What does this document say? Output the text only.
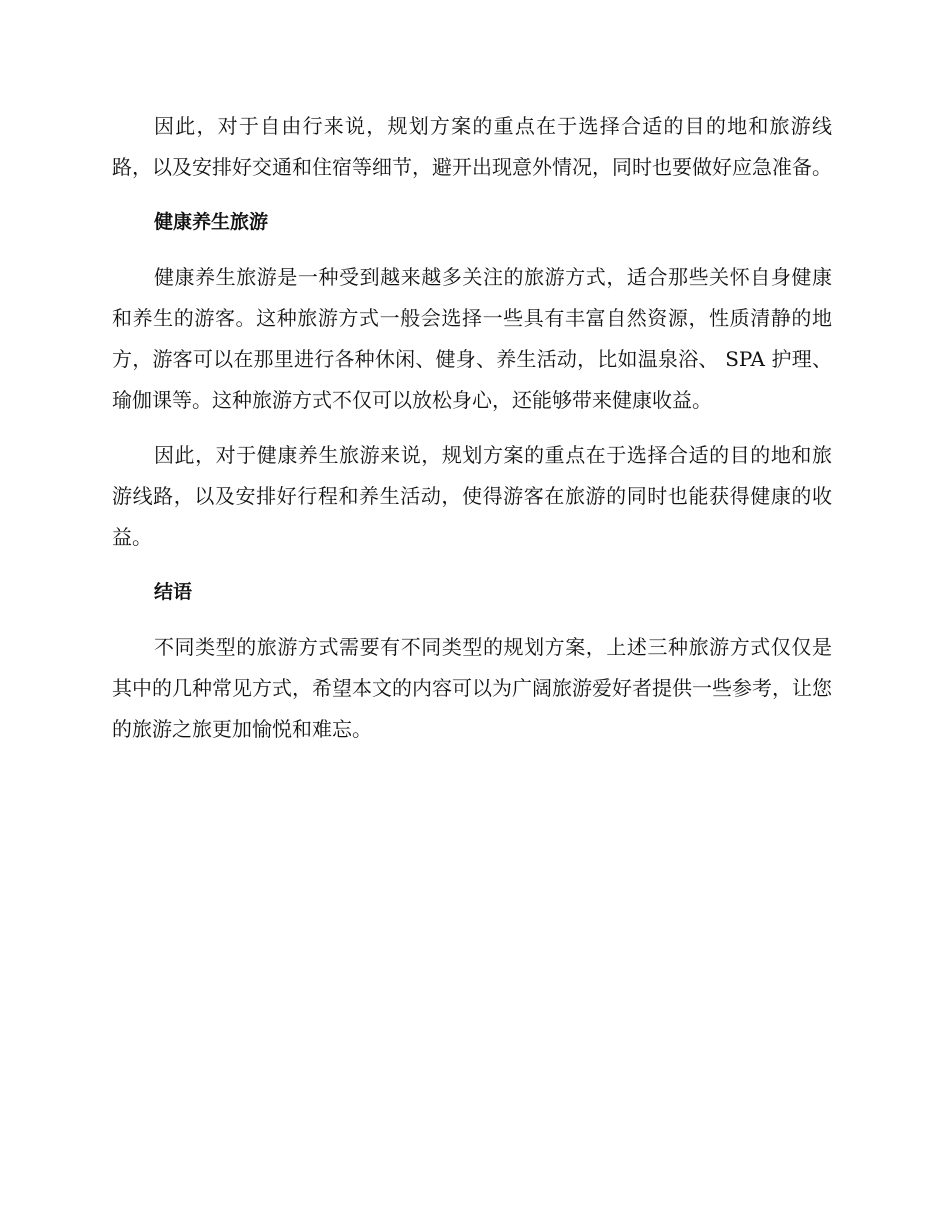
因此，对于自由行来说，规划方案的重点在于选择合适的目的地和旅游线路，以及安排好交通和住宿等细节，避开出现意外情况，同时也要做好应急准备。

健康养生旅游

健康养生旅游是一种受到越来越多关注的旅游方式，适合那些关怀自身健康和养生的游客。这种旅游方式一般会选择一些具有丰富自然资源，性质清静的地方，游客可以在那里进行各种休闲、健身、养生活动，比如温泉浴、 SPA 护理、瑜伽课等。这种旅游方式不仅可以放松身心，还能够带来健康收益。

因此，对于健康养生旅游来说，规划方案的重点在于选择合适的目的地和旅游线路，以及安排好行程和养生活动，使得游客在旅游的同时也能获得健康的收益。

结语

不同类型的旅游方式需要有不同类型的规划方案，上述三种旅游方式仅仅是其中的几种常见方式，希望本文的内容可以为广阔旅游爱好者提供一些参考，让您的旅游之旅更加愉悦和难忘。
